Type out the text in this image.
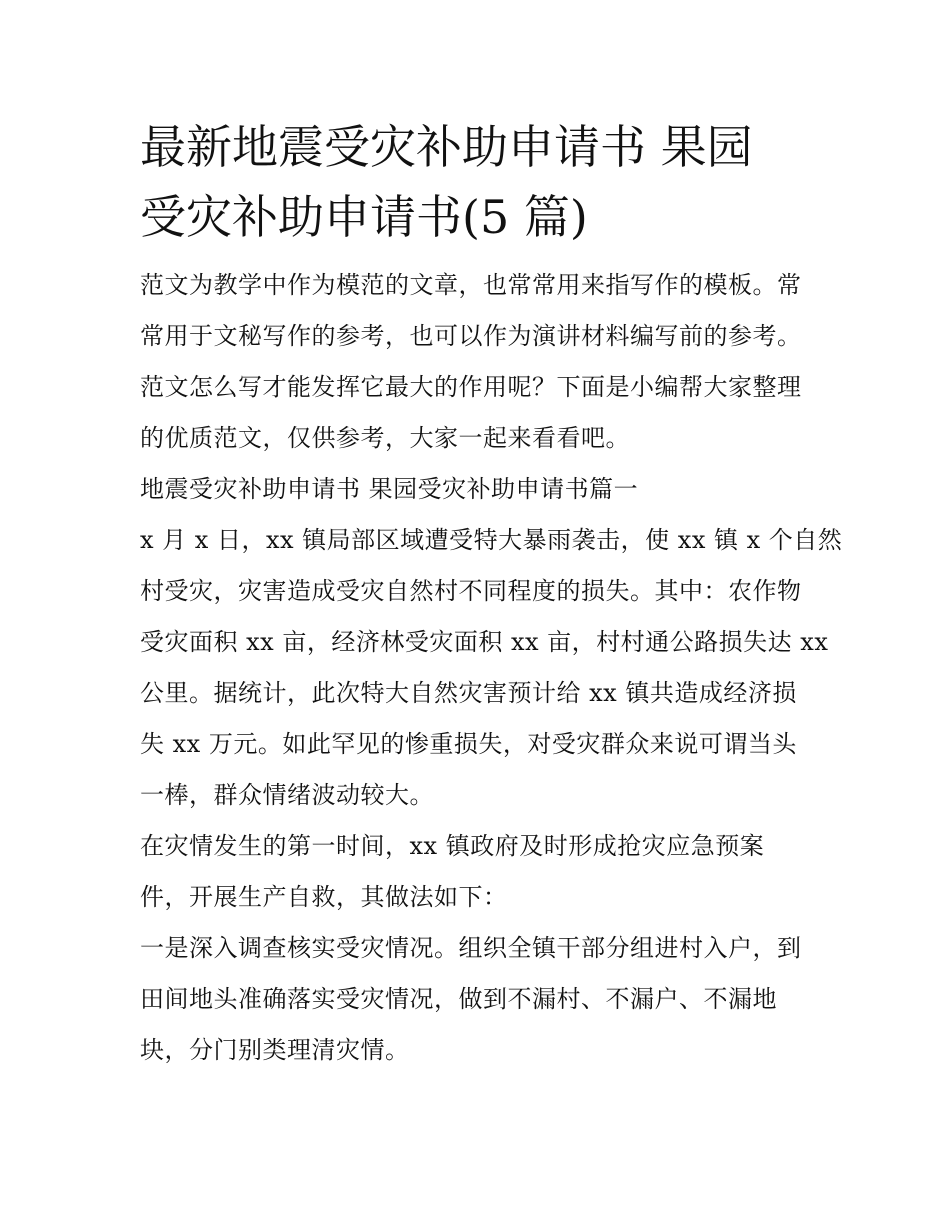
最新地震受灾补助申请书 果园
受灾补助申请书(5 篇)

范文为教学中作为模范的文章，也常常用来指写作的模板。常
常用于文秘写作的参考，也可以作为演讲材料编写前的参考。
范文怎么写才能发挥它最大的作用呢？下面是小编帮大家整理
的优质范文，仅供参考，大家一起来看看吧。

地震受灾补助申请书 果园受灾补助申请书篇一

x 月 x 日，xx 镇局部区域遭受特大暴雨袭击，使 xx 镇 x 个自然
村受灾，灾害造成受灾自然村不同程度的损失。其中：农作物
受灾面积 xx 亩，经济林受灾面积 xx 亩，村村通公路损失达 xx
公里。据统计，此次特大自然灾害预计给 xx 镇共造成经济损
失 xx 万元。如此罕见的惨重损失，对受灾群众来说可谓当头
一棒，群众情绪波动较大。

在灾情发生的第一时间，xx 镇政府及时形成抢灾应急预案
件，开展生产自救，其做法如下：

一是深入调查核实受灾情况。组织全镇干部分组进村入户，到
田间地头准确落实受灾情况，做到不漏村、不漏户、不漏地
块，分门别类理清灾情。
